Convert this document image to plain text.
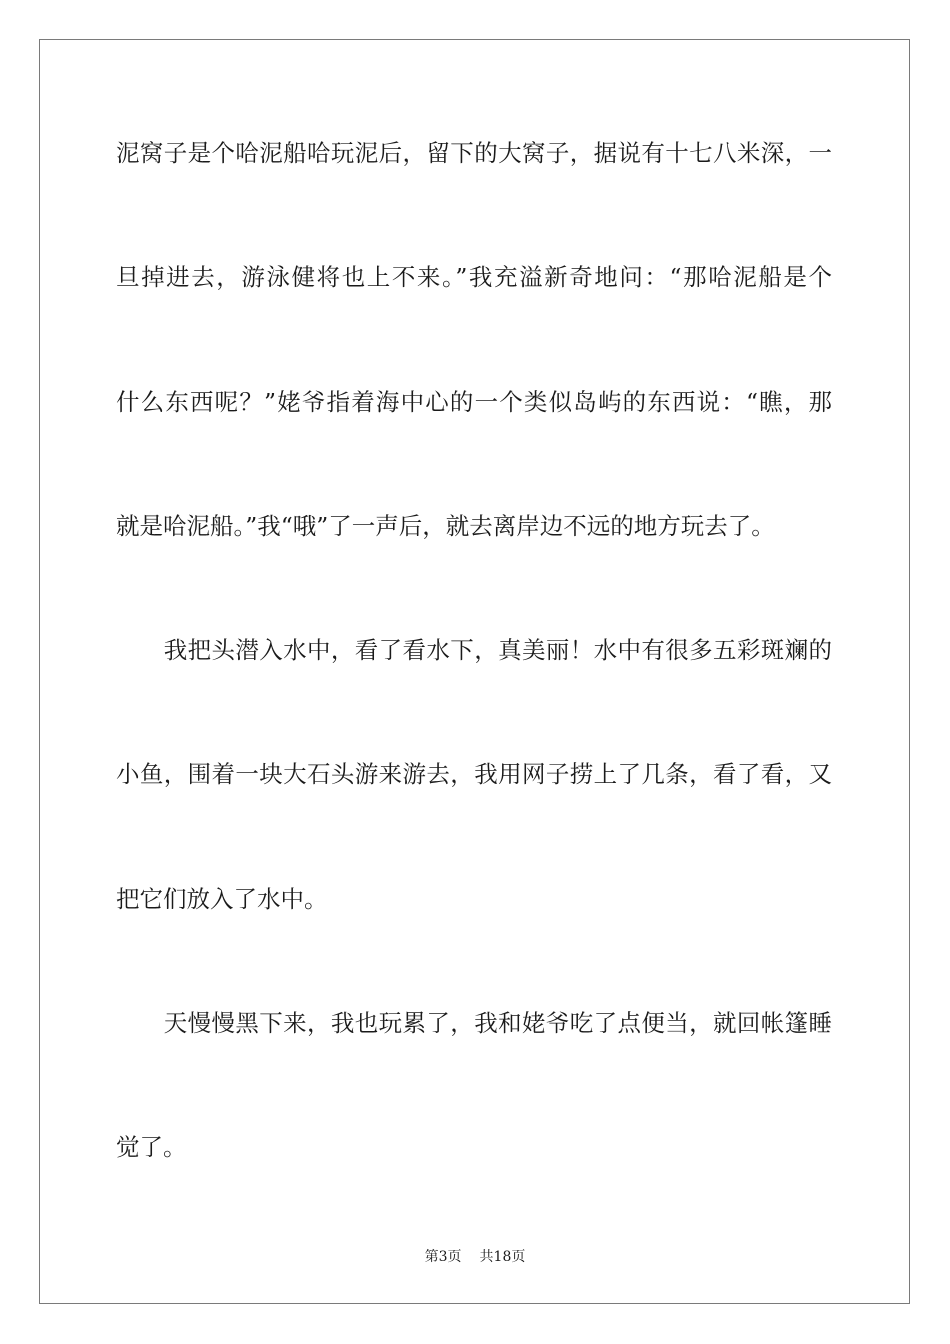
泥窝子是个哈泥船哈玩泥后，留下的大窝子，据说有十七八米深，一

旦掉进去，游泳健将也上不来。”我充溢新奇地问：“那哈泥船是个

什么东西呢？”姥爷指着海中心的一个类似岛屿的东西说：“瞧，那

就是哈泥船。”我“哦”了一声后，就去离岸边不远的地方玩去了。

　　我把头潜入水中，看了看水下，真美丽！水中有很多五彩斑斓的

小鱼，围着一块大石头游来游去，我用网子捞上了几条，看了看，又

把它们放入了水中。

　　天慢慢黑下来，我也玩累了，我和姥爷吃了点便当，就回帐篷睡

觉了。

第3页 共18页
